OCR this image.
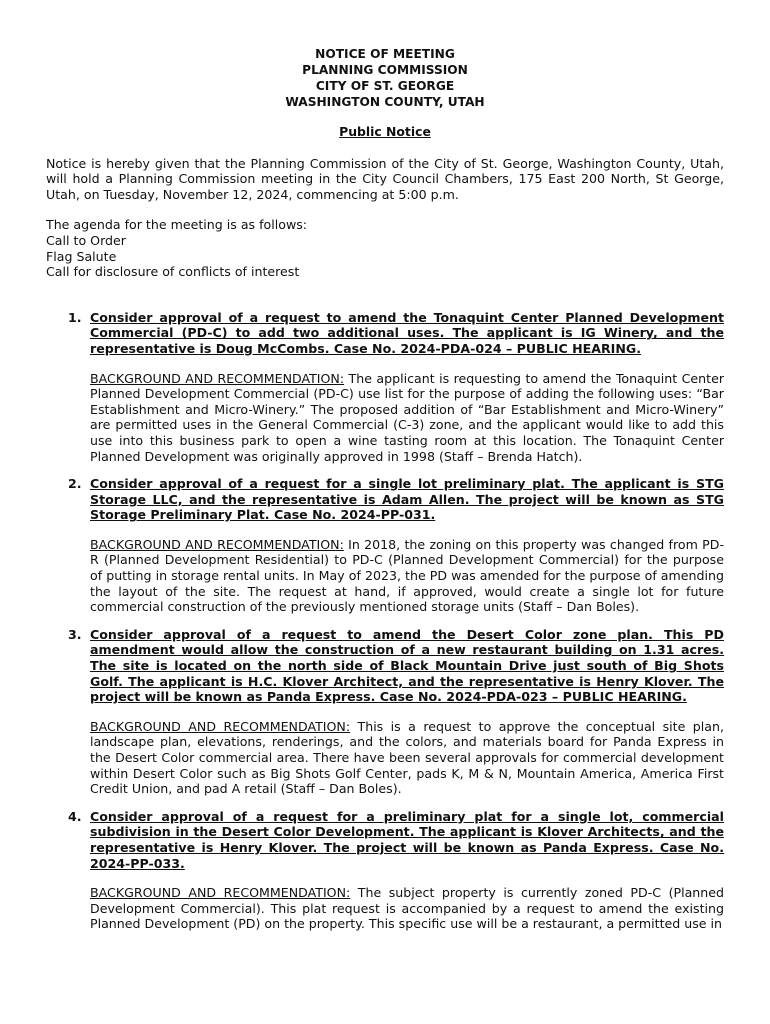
NOTICE OF MEETING
PLANNING COMMISSION
CITY OF ST. GEORGE
WASHINGTON COUNTY, UTAH
Public Notice

Notice is hereby given that the Planning Commission of the City of St. George, Washington County, Utah, will hold a Planning Commission meeting in the City Council Chambers, 175 East 200 North, St George, Utah, on Tuesday, November 12, 2024, commencing at 5:00 p.m.

The agenda for the meeting is as follows:

Call to Order

Flag Salute

Call for disclosure of conflicts of interest

1. Consider approval of a request to amend the Tonaquint Center Planned Development Commercial (PD-C) to add two additional uses. The applicant is IG Winery, and the representative is Doug McCombs. Case No. 2024-PDA-024 – PUBLIC HEARING.

BACKGROUND AND RECOMMENDATION: The applicant is requesting to amend the Tonaquint Center Planned Development Commercial (PD-C) use list for the purpose of adding the following uses: “Bar Establishment and Micro-Winery.” The proposed addition of “Bar Establishment and Micro-Winery” are permitted uses in the General Commercial (C-3) zone, and the applicant would like to add this use into this business park to open a wine tasting room at this location. The Tonaquint Center Planned Development was originally approved in 1998 (Staff – Brenda Hatch).

2. Consider approval of a request for a single lot preliminary plat. The applicant is STG Storage LLC, and the representative is Adam Allen. The project will be known as STG Storage Preliminary Plat. Case No. 2024-PP-031.

BACKGROUND AND RECOMMENDATION: In 2018, the zoning on this property was changed from PD-R (Planned Development Residential) to PD-C (Planned Development Commercial) for the purpose of putting in storage rental units. In May of 2023, the PD was amended for the purpose of amending the layout of the site. The request at hand, if approved, would create a single lot for future commercial construction of the previously mentioned storage units (Staff – Dan Boles).

3. Consider approval of a request to amend the Desert Color zone plan. This PD amendment would allow the construction of a new restaurant building on 1.31 acres. The site is located on the north side of Black Mountain Drive just south of Big Shots Golf. The applicant is H.C. Klover Architect, and the representative is Henry Klover. The project will be known as Panda Express. Case No. 2024-PDA-023 – PUBLIC HEARING.

BACKGROUND AND RECOMMENDATION: This is a request to approve the conceptual site plan, landscape plan, elevations, renderings, and the colors, and materials board for Panda Express in the Desert Color commercial area. There have been several approvals for commercial development within Desert Color such as Big Shots Golf Center, pads K, M & N, Mountain America, America First Credit Union, and pad A retail (Staff – Dan Boles).

4. Consider approval of a request for a preliminary plat for a single lot, commercial subdivision in the Desert Color Development. The applicant is Klover Architects, and the representative is Henry Klover. The project will be known as Panda Express. Case No. 2024-PP-033.

BACKGROUND AND RECOMMENDATION: The subject property is currently zoned PD-C (Planned Development Commercial). This plat request is accompanied by a request to amend the existing Planned Development (PD) on the property. This specific use will be a restaurant, a permitted use in
